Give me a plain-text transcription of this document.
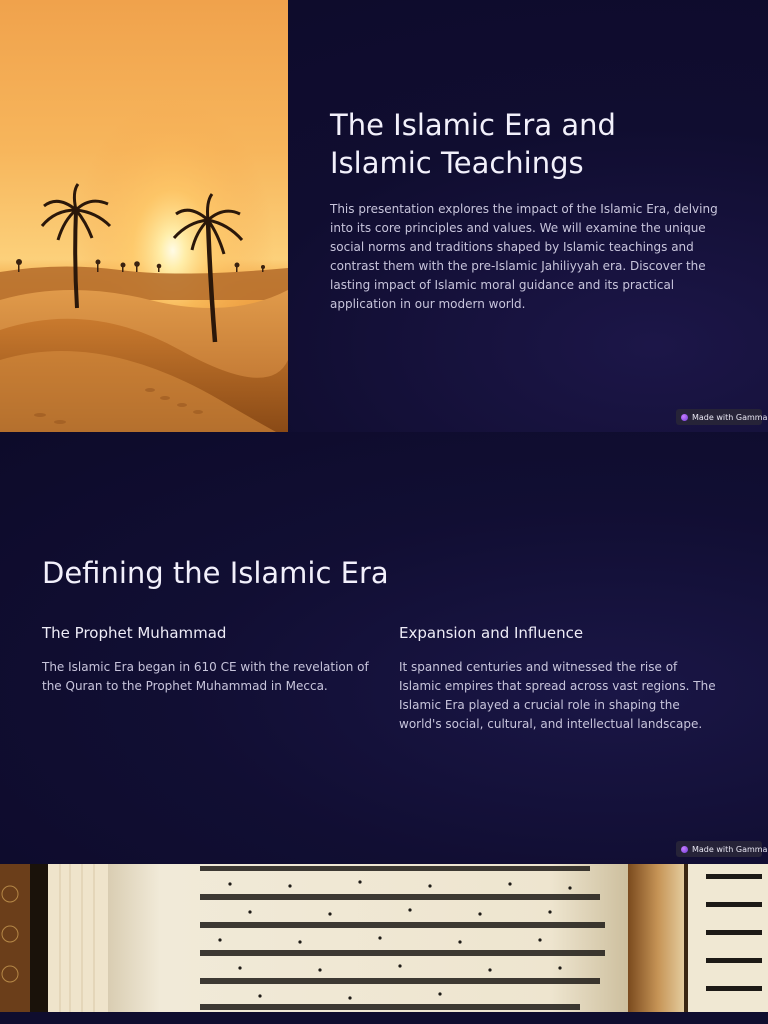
The Islamic Era and
Islamic Teachings

This presentation explores the impact of the Islamic Era, delving
into its core principles and values. We will examine the unique
social norms and traditions shaped by Islamic teachings and
contrast them with the pre-Islamic Jahiliyyah era. Discover the
lasting impact of Islamic moral guidance and its practical
application in our modern world.

Made with Gamma
Defining the Islamic Era
The Prophet Muhammad

The Islamic Era began in 610 CE with the revelation of the Quran to the Prophet Muhammad in Mecca.

Expansion and Influence

It spanned centuries and witnessed the rise of Islamic empires that spread across vast regions. The Islamic Era played a crucial role in shaping the world's social, cultural, and intellectual landscape.

Made with Gamma
